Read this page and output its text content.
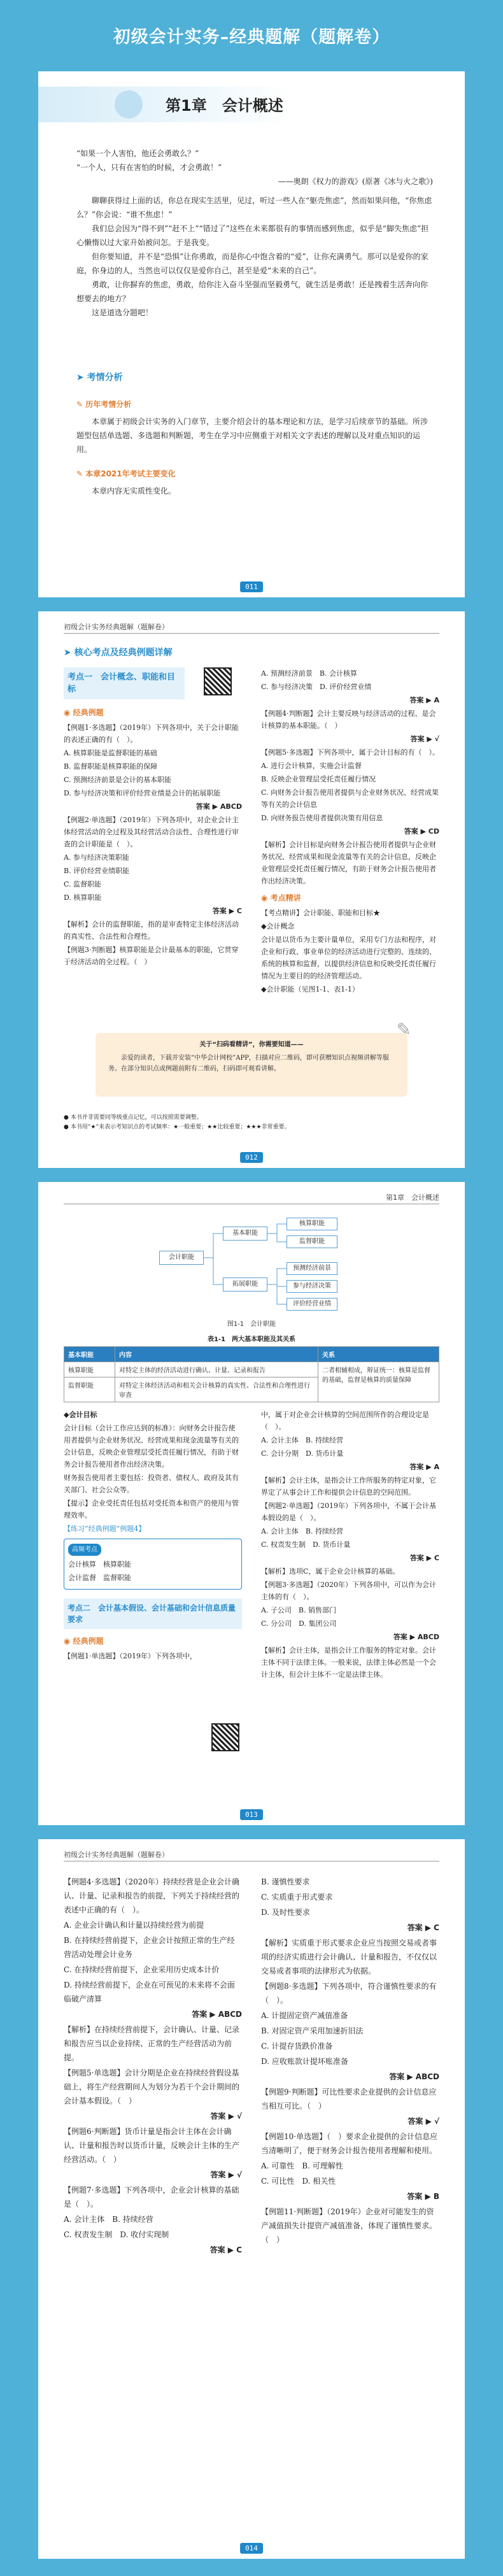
初级会计实务–经典题解（题解卷）
第1章　会计概述

“如果一个人害怕，他还会勇敢么？”

“一个人，只有在害怕的时候，才会勇敢！”

——奥朗《权力的游戏》(原著《冰与火之歌》)

聊聊获得过上面的话，你总在现实生活里，见过，听过一些人在“躯壳焦虑”，然而如果问他，“你焦虑么？”你会说：“谁不焦虑！”

我们总会因为“得不到”“赶不上”“错过了”这些在未来都很有的事情而感到焦虑，似乎是“脚失焦虑”担心懒惰以过大家升始被问怎。于是我变。

但你要知道，并不是“恐惧”让你勇敢，而是你心中饱含着的“爱”，让你充满勇气。那可以是爱你的家庭，你身边的人，当然也可以仅仅是爱你自己，甚至是爱“未来的自己”。

勇敢，让你摒弃的焦虑，勇敢，给你注入奋斗坚强而坚毅勇气，就生活是勇敢！还是拽着生活奔向你想要去的地方？

这是道选分题吧！

➤ 考情分析
✎ 历年考情分析

本章属于初级会计实务的入门章节，主要介绍会计的基本理论和方法，是学习后续章节的基础。所涉题型包括单选题、多选题和判断题，考生在学习中应侧重于对相关文字表述的理解以及对重点知识的运用。

✎ 本章2021年考试主要变化

本章内容无实质性变化。

011
初级会计实务经典题解（题解卷）
➤ 核心考点及经典例题详解
考点一　会计概念、职能和目标
◉ 经典例题

【例题1·多选题】（2019年）下列各项中，关于会计职能的表述正确的有（　）。

A. 核算职能是监督职能的基础

B. 监督职能是核算职能的保障

C. 预测经济前景是会计的基本职能

D. 参与经济决策和评价经营业绩是会计的拓展职能

答案 ▶ ABCD

【例题2·单选题】（2019年）下列各项中，对企业会计主体经营活动的全过程及其经营活动合法性、合理性进行审查的会计职能是（　）。

A. 参与经济决策职能

B. 评价经营业绩职能

C. 监督职能

D. 核算职能

答案 ▶ C

【解析】会计的监督职能，指的是审查特定主体经济活动的真实性、合法性和合理性。

【例题3·判断题】核算职能是会计最基本的职能，它贯穿于经济活动的全过程。（　）

A. 预测经济前景　B. 会计核算

C. 参与经济决策　D. 评价经营业绩

答案 ▶ A

【例题4·判断题】会计主要反映与经济活动的过程、是会计核算的基本职能。（　）

答案 ▶ √

【例题5·多选题】下列各项中，属于会计目标的有（　）。

A. 进行会计核算，实施会计监督

B. 反映企业管理层受托责任履行情况

C. 向财务会计报告使用者提供与企业财务状况、经营成果等有关的会计信息

D. 向财务报告使用者提供决策有用信息

答案 ▶ CD

【解析】会计目标是向财务会计报告使用者提供与企业财务状况、经营成果和现金流量等有关的会计信息，反映企业管理层受托责任履行情况，有助于财务会计报告使用者作出经济决策。

◉ 考点精讲

【考点精讲】会计职能、职能和目标★

◆会计概念

会计是以货币为主要计量单位，采用专门方法和程序，对企业和行政、事业单位的经济活动进行完整的、连续的、系统的核算和监督，以提供经济信息和反映受托责任履行情况为主要目的的经济管理活动。

◆会计职能（见图1-1、表1-1）

✎
关于“扫码看精讲”，你需要知道——
亲爱的读者，下载并安装“中华会计网校”APP，扫描对应二维码，即可获赠知识点视频讲解等服务。在部分知识点或例题前附有二维码，扫码即可观看讲解。
● 本书并非需要同等级重点记忆，可以按照需要调整。
● 本书用“★”来表示考知识点的考试频率：★一般重要；★★比较重要；★★★非常重要。
012
第1章　会计概述
会计职能
基本职能
拓展职能
核算职能
监督职能
预测经济前景
参与经济决策
评价经营业绩
图1-1　会计职能
表1-1　两大基本职能及其关系
基本职能	内容	关系
核算职能	对特定主体的经济活动进行确认、计量、记录和报告	二者相辅相成，辩证统一：核算是监督的基础，监督是核算的质量保障
监督职能	对特定主体经济活动和相关会计核算的真实性、合法性和合理性进行审查	

◆会计目标

会计目标（会计工作应达到的标准）：向财务会计报告使用者提供与企业财务状况、经营成果和现金流量等有关的会计信息，反映企业管理层受托责任履行情况，有助于财务会计报告使用者作出经济决策。

财务报告使用者主要包括：投资者、债权人、政府及其有关部门、社会公众等。

【提示】企业受托责任包括对受托资本和资产的使用与管理效率。

【练习“经典例题”例题4】

高频考点

会计核算　核算职能

会计监督　监督职能

考点二　会计基本假设、会计基础和会计信息质量要求
◉ 经典例题

【例题1·单选题】（2019年）下列各项中，

中，属于对企业会计核算的空间范围所作的合理设定是（　）。

A. 会计主体　B. 持续经营

C. 会计分期　D. 货币计量

答案 ▶ A

【解析】会计主体，是指会计工作所服务的特定对象，它界定了从事会计工作和提供会计信息的空间范围。

【例题2·单选题】（2019年）下列各项中，不属于会计基本假设的是（　）。

A. 会计主体　B. 持续经营

C. 权责发生制　D. 货币计量

答案 ▶ C

【解析】选项C，属于企业会计核算的基础。

【例题3·多选题】（2020年）下列各项中，可以作为会计主体的有（　）。

A. 子公司　B. 销售部门

C. 分公司　D. 集团公司

答案 ▶ ABCD

【解析】会计主体，是指会计工作服务的特定对象。会计主体不同于法律主体。一般来说，法律主体必然是一个会计主体，但会计主体不一定是法律主体。

013
初级会计实务经典题解（题解卷）

【例题4·多选题】（2020年）持续经营是企业会计确认、计量、记录和报告的前提，下列关于持续经营的表述中正确的有（　）。

A. 企业会计确认和计量以持续经营为前提

B. 在持续经营前提下，企业会计按照正常的生产经营活动处理会计业务

C. 在持续经营前提下，企业采用历史成本计价

D. 持续经营前提下，企业在可预见的未来将不会面临破产清算

答案 ▶ ABCD

【解析】在持续经营前提下，会计确认、计量、记录和报告应当以企业持续、正常的生产经营活动为前提。

【例题5·单选题】会计分期是企业在持续经营假设基础上，将生产经营期间人为划分为若干个会计期间的会计基本假设。（　）

答案 ▶ √

【例题6·判断题】货币计量是指会计主体在会计确认、计量和报告时以货币计量，反映会计主体的生产经营活动。（　）

答案 ▶ √

【例题7·多选题】下列各项中，企业会计核算的基础是（　）。

A. 会计主体　B. 持续经营

C. 权责发生制　D. 收付实现制

答案 ▶ C

B. 谨慎性要求

C. 实质重于形式要求

D. 及时性要求

答案 ▶ C

【解析】实质重于形式要求企业应当按照交易或者事项的经济实质进行会计确认、计量和报告，不仅仅以交易或者事项的法律形式为依据。

【例题8·多选题】下列各项中，符合谨慎性要求的有（　）。

A. 计提固定资产减值准备

B. 对固定资产采用加速折旧法

C. 计提存货跌价准备

D. 应收账款计提坏账准备

答案 ▶ ABCD

【例题9·判断题】可比性要求企业提供的会计信息应当相互可比。（　）

答案 ▶ √

【例题10·单选题】（　）要求企业提供的会计信息应当清晰明了，便于财务会计报告使用者理解和使用。

A. 可靠性　B. 可理解性

C. 可比性　D. 相关性

答案 ▶ B

【例题11·判断题】（2019年）企业对可能发生的资产减值损失计提资产减值准备，体现了谨慎性要求。（　）

014
